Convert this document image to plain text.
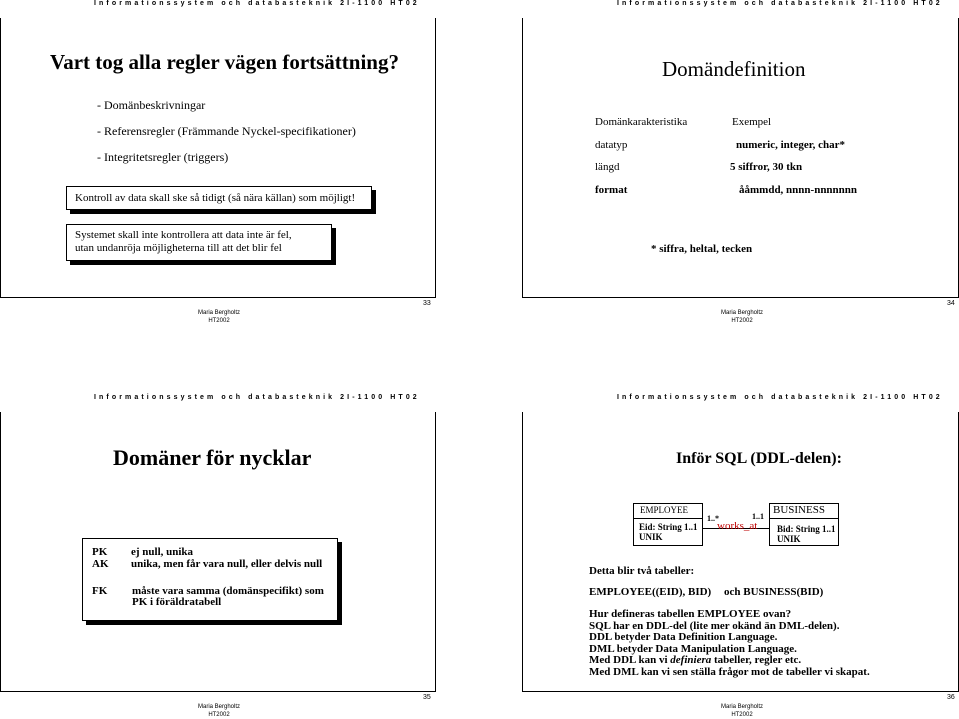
Informationssystem och databasteknik 2I-1100 HT02	Informationssystem och databasteknik 2I-1100 HT02
Informationssystem och databasteknik 2I-1100 HT02	Informationssystem och databasteknik 2I-1100 HT02
Vart tog alla regler vägen fortsättning?
- Domänbeskrivningar
- Referensregler (Främmande Nyckel-specifikationer)
- Integritetsregler (triggers)
Kontroll av data skall ske så tidigt (så nära källan) som möjligt!
Systemet skall inte kontrollera att data inte är fel,
utan undanröja möjligheterna till att det blir fel
Maria Bergholtz
HT2002
33
Domändefinition
Domänkarakteristika	Exempel
datatyp	numeric, integer, char*
längd	5 siffror, 30 tkn
format	ååmmdd, nnnn-nnnnnnn
* siffra, heltal, tecken
Maria Bergholtz
HT2002
34
Domäner för nycklar
PK ej null, unika
AK unika, men får vara null, eller delvis null
FK måste vara samma (domänspecifikt) som
PK i föräldratabell
Maria Bergholtz
HT2002
35
Inför SQL (DDL-delen):
EMPLOYEE
Eid: String 1..1
UNIK
1..*	1..1
works_at
BUSINESS
Bid: String 1..1
UNIK
Detta blir två tabeller:
EMPLOYEE((EID), BID) och BUSINESS(BID)
Hur defineras tabellen EMPLOYEE ovan?
SQL har en DDL-del (lite mer okänd än DML-delen).
DDL betyder Data Definition Language.
DML betyder Data Manipulation Language.
Med DDL kan vi definiera tabeller, regler etc.
Med DML kan vi sen ställa frågor mot de tabeller vi skapat.
Maria Bergholtz
HT2002
36
